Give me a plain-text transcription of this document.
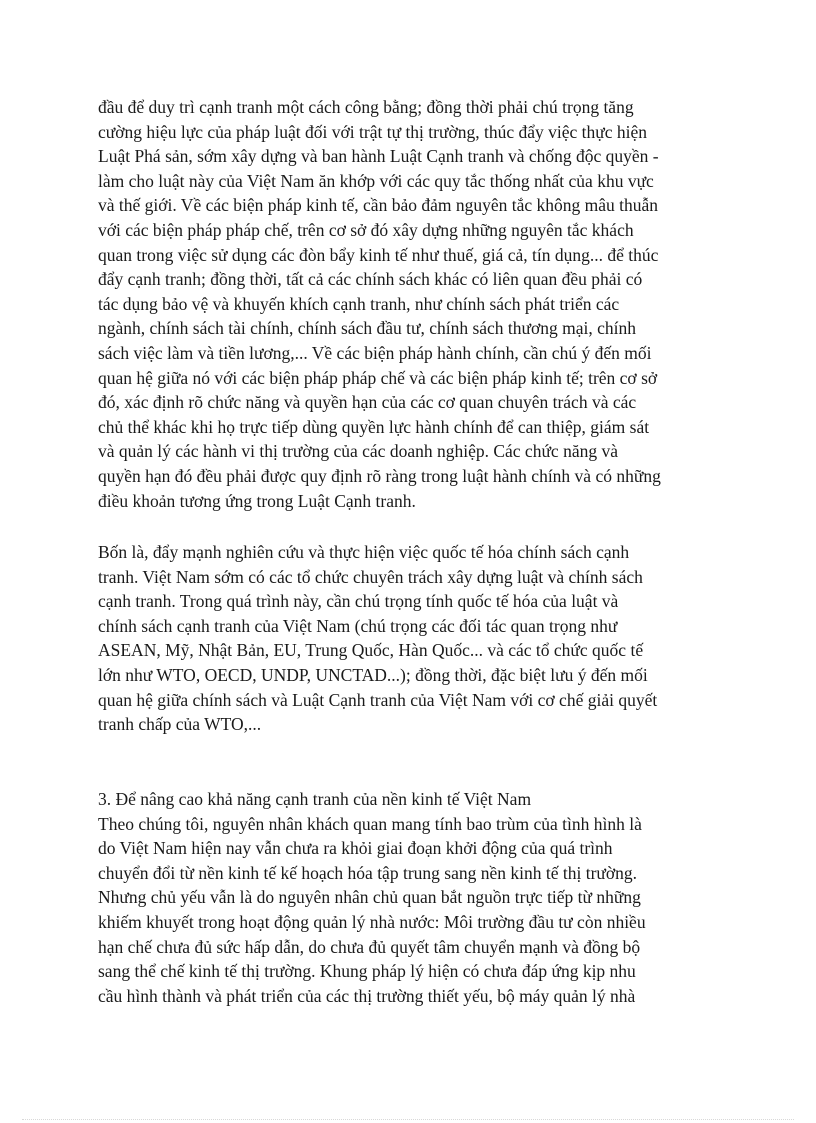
đầu để duy trì cạnh tranh một cách công bằng; đồng thời phải chú trọng tăng
cường hiệu lực của pháp luật đối với trật tự thị trường, thúc đẩy việc thực hiện
Luật Phá sản, sớm xây dựng và ban hành Luật Cạnh tranh và chống độc quyền -
làm cho luật này của Việt Nam ăn khớp với các quy tắc thống nhất của khu vực
và thế giới. Về các biện pháp kinh tế, cần bảo đảm nguyên tắc không mâu thuẫn
với các biện pháp pháp chế, trên cơ sở đó xây dựng những nguyên tắc khách
quan trong việc sử dụng các đòn bẩy kinh tế như thuế, giá cả, tín dụng... để thúc
đẩy cạnh tranh; đồng thời, tất cả các chính sách khác có liên quan đều phải có
tác dụng bảo vệ và khuyến khích cạnh tranh, như chính sách phát triển các
ngành, chính sách tài chính, chính sách đầu tư, chính sách thương mại, chính
sách việc làm và tiền lương,... Về các biện pháp hành chính, cần chú ý đến mối
quan hệ giữa nó với các biện pháp pháp chế và các biện pháp kinh tế; trên cơ sở
đó, xác định rõ chức năng và quyền hạn của các cơ quan chuyên trách và các
chủ thể khác khi họ trực tiếp dùng quyền lực hành chính để can thiệp, giám sát
và quản lý các hành vi thị trường của các doanh nghiệp. Các chức năng và
quyền hạn đó đều phải được quy định rõ ràng trong luật hành chính và có những
điều khoản tương ứng trong Luật Cạnh tranh.
Bốn là, đẩy mạnh nghiên cứu và thực hiện việc quốc tế hóa chính sách cạnh
tranh. Việt Nam sớm có các tổ chức chuyên trách xây dựng luật và chính sách
cạnh tranh. Trong quá trình này, cần chú trọng tính quốc tế hóa của luật và
chính sách cạnh tranh của Việt Nam (chú trọng các đối tác quan trọng như
ASEAN, Mỹ, Nhật Bản, EU, Trung Quốc, Hàn Quốc... và các tổ chức quốc tế
lớn như WTO, OECD, UNDP, UNCTAD...); đồng thời, đặc biệt lưu ý đến mối
quan hệ giữa chính sách và Luật Cạnh tranh của Việt Nam với cơ chế giải quyết
tranh chấp của WTO,...
3. Để nâng cao khả năng cạnh tranh của nền kinh tế Việt Nam
Theo chúng tôi, nguyên nhân khách quan mang tính bao trùm của tình hình là
do Việt Nam hiện nay vẫn chưa ra khỏi giai đoạn khởi động của quá trình
chuyển đổi từ nền kinh tế kế hoạch hóa tập trung sang nền kinh tế thị trường.
Nhưng chủ yếu vẫn là do nguyên nhân chủ quan bắt nguồn trực tiếp từ những
khiếm khuyết trong hoạt động quản lý nhà nước: Môi trường đầu tư còn nhiều
hạn chế chưa đủ sức hấp dẫn, do chưa đủ quyết tâm chuyển mạnh và đồng bộ
sang thể chế kinh tế thị trường. Khung pháp lý hiện có chưa đáp ứng kịp nhu
cầu hình thành và phát triển của các thị trường thiết yếu, bộ máy quản lý nhà
